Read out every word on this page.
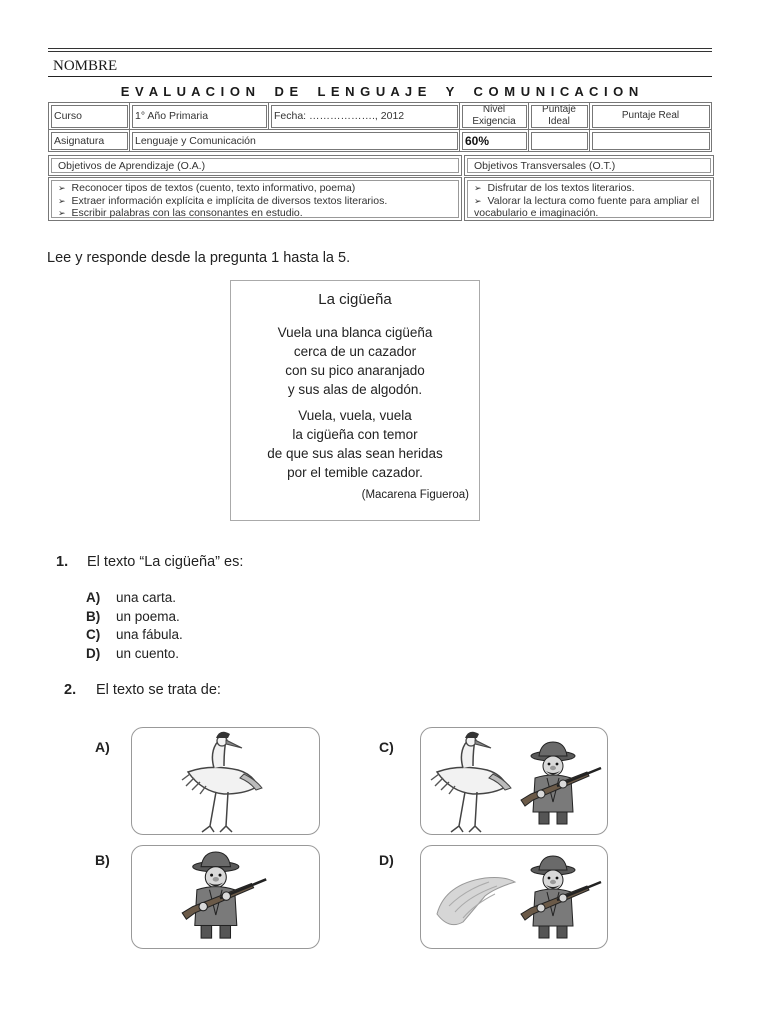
NOMBRE
E V A L U A C I O N    D E    L E N G U A J E    Y    C O M U N I C A C I O N
Curso	1° Año Primaria	Fecha: ………………., 2012	Nivel Exigencia	Puntaje Ideal	Puntaje Real
Asignatura	Lenguaje y Comunicación		60%		
Objetivos de Aprendizaje (O.A.)	Objetivos Transversales (O.T.)
➢ Reconocer tipos de textos (cuento, texto informativo, poema)
➢ Extraer información explícita e implícita de diversos textos literarios.
➢ Escribir palabras con las consonantes en estudio.
➢ Disfrutar de los textos literarios.
➢ Valorar la lectura como fuente para ampliar el vocabulario e imaginación.
Lee y responde desde la pregunta 1 hasta la 5.
La cigüeña
Vuela una blanca cigüeña
cerca de un cazador
con su pico anaranjado
y sus alas de algodón.
Vuela, vuela, vuela
la cigüeña con temor
de que sus alas sean heridas
por el temible cazador.
(Macarena Figueroa)
1. El texto “La cigüeña” es:
A) una carta.
B) un poema.
C) una fábula.
D) un cuento.
2. El texto se trata de:
A)	C)
B)	D)
